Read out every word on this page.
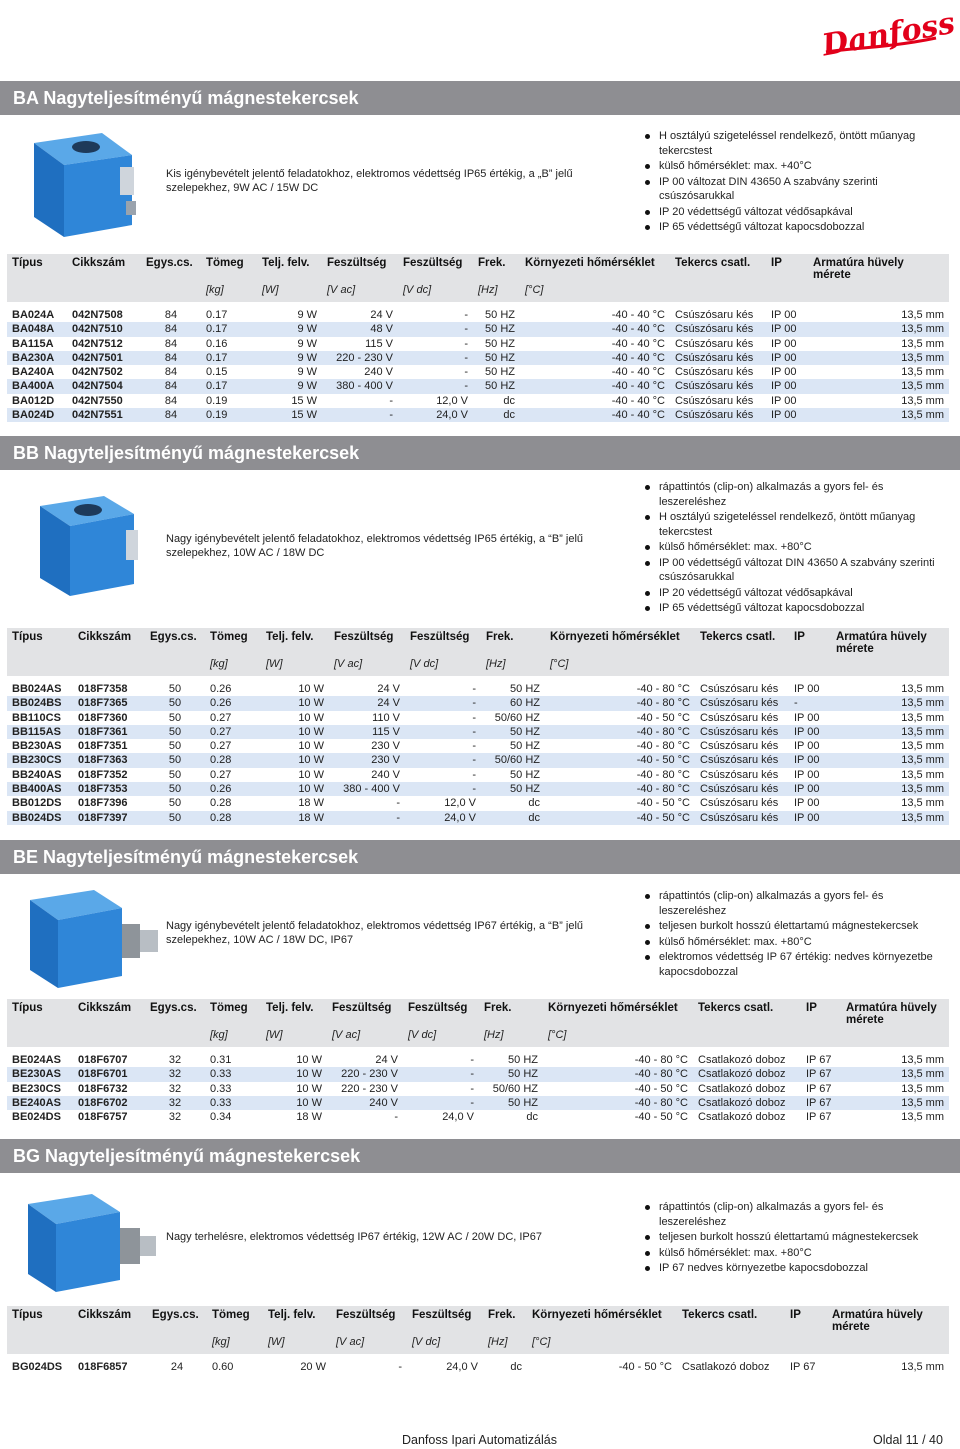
Danfoss
BA Nagyteljesítményű mágnestekercsek
Kis igénybevételt jelentő feladatokhoz, elektromos védettség IP65 értékig, a „B” jelű szelepekhez, 9W AC / 15W DC
H osztályú szigeteléssel rendelkező, öntött műanyag tekercstest
külső hőmérséklet: max. +40°C
IP 00 változat DIN 43650 A szabvány szerinti csúszósarukkal
IP 20 védettségű változat védősapkával
IP 65 védettségű változat kapocsdobozzal
Típus	Cikkszám	Egys.cs.	Tömeg	Telj. felv.	Feszültség	Feszültség	Frek.	Környezeti hőmérséklet	Tekercs csatl.	IP	Armatúra hüvely mérete
			[kg]	[W]	[V ac]	[V dc]	[Hz]	[°C]			

BA024A	042N7508	84	0.17	9 W	24 V	-	50 HZ	-40 - 40 °C	Csúszósaru kés	IP 00	13,5 mm
BA048A	042N7510	84	0.17	9 W	48 V	-	50 HZ	-40 - 40 °C	Csúszósaru kés	IP 00	13,5 mm
BA115A	042N7512	84	0.16	9 W	115 V	-	50 HZ	-40 - 40 °C	Csúszósaru kés	IP 00	13,5 mm
BA230A	042N7501	84	0.17	9 W	220 - 230 V	-	50 HZ	-40 - 40 °C	Csúszósaru kés	IP 00	13,5 mm
BA240A	042N7502	84	0.15	9 W	240 V	-	50 HZ	-40 - 40 °C	Csúszósaru kés	IP 00	13,5 mm
BA400A	042N7504	84	0.17	9 W	380 - 400 V	-	50 HZ	-40 - 40 °C	Csúszósaru kés	IP 00	13,5 mm
BA012D	042N7550	84	0.19	15 W	-	12,0 V	dc	-40 - 40 °C	Csúszósaru kés	IP 00	13,5 mm
BA024D	042N7551	84	0.19	15 W	-	24,0 V	dc	-40 - 40 °C	Csúszósaru kés	IP 00	13,5 mm
BB Nagyteljesítményű mágnestekercsek
Nagy igénybevételt jelentő feladatokhoz, elektromos védettség IP65 értékig, a “B” jelű szelepekhez, 10W AC / 18W DC
rápattintós (clip-on) alkalmazás a gyors fel- és leszereléshez
H osztályú szigeteléssel rendelkező, öntött műanyag tekercstest
külső hőmérséklet: max. +80°C
IP 00 védettségű változat DIN 43650 A szabvány szerinti csúszósarukkal
IP 20 védettségű változat védősapkával
IP 65 védettségű változat kapocsdobozzal
Típus	Cikkszám	Egys.cs.	Tömeg	Telj. felv.	Feszültség	Feszültség	Frek.	Környezeti hőmérséklet	Tekercs csatl.	IP	Armatúra hüvely mérete
			[kg]	[W]	[V ac]	[V dc]	[Hz]	[°C]			

BB024AS	018F7358	50	0.26	10 W	24 V	-	50 HZ	-40 - 80 °C	Csúszósaru kés	IP 00	13,5 mm
BB024BS	018F7365	50	0.26	10 W	24 V	-	60 HZ	-40 - 80 °C	Csúszósaru kés	-	13,5 mm
BB110CS	018F7360	50	0.27	10 W	110 V	-	50/60 HZ	-40 - 50 °C	Csúszósaru kés	IP 00	13,5 mm
BB115AS	018F7361	50	0.27	10 W	115 V	-	50 HZ	-40 - 80 °C	Csúszósaru kés	IP 00	13,5 mm
BB230AS	018F7351	50	0.27	10 W	230 V	-	50 HZ	-40 - 80 °C	Csúszósaru kés	IP 00	13,5 mm
BB230CS	018F7363	50	0.28	10 W	230 V	-	50/60 HZ	-40 - 50 °C	Csúszósaru kés	IP 00	13,5 mm
BB240AS	018F7352	50	0.27	10 W	240 V	-	50 HZ	-40 - 80 °C	Csúszósaru kés	IP 00	13,5 mm
BB400AS	018F7353	50	0.26	10 W	380 - 400 V	-	50 HZ	-40 - 80 °C	Csúszósaru kés	IP 00	13,5 mm
BB012DS	018F7396	50	0.28	18 W	-	12,0 V	dc	-40 - 50 °C	Csúszósaru kés	IP 00	13,5 mm
BB024DS	018F7397	50	0.28	18 W	-	24,0 V	dc	-40 - 50 °C	Csúszósaru kés	IP 00	13,5 mm
BE Nagyteljesítményű mágnestekercsek
Nagy igénybevételt jelentő feladatokhoz, elektromos védettség IP67 értékig, a “B” jelű szelepekhez, 10W AC / 18W DC, IP67
rápattintós (clip-on) alkalmazás a gyors fel- és leszereléshez
teljesen burkolt hosszú élettartamú mágnestekercsek
külső hőmérséklet: max. +80°C
elektromos védettség IP 67 értékig: nedves környezetbe kapocsdobozzal
Típus	Cikkszám	Egys.cs.	Tömeg	Telj. felv.	Feszültség	Feszültség	Frek.	Környezeti hőmérséklet	Tekercs csatl.	IP	Armatúra hüvely mérete
			[kg]	[W]	[V ac]	[V dc]	[Hz]	[°C]			

BE024AS	018F6707	32	0.31	10 W	24 V	-	50 HZ	-40 - 80 °C	Csatlakozó doboz	IP 67	13,5 mm
BE230AS	018F6701	32	0.33	10 W	220 - 230 V	-	50 HZ	-40 - 80 °C	Csatlakozó doboz	IP 67	13,5 mm
BE230CS	018F6732	32	0.33	10 W	220 - 230 V	-	50/60 HZ	-40 - 50 °C	Csatlakozó doboz	IP 67	13,5 mm
BE240AS	018F6702	32	0.33	10 W	240 V	-	50 HZ	-40 - 80 °C	Csatlakozó doboz	IP 67	13,5 mm
BE024DS	018F6757	32	0.34	18 W	-	24,0 V	dc	-40 - 50 °C	Csatlakozó doboz	IP 67	13,5 mm
BG Nagyteljesítményű mágnestekercsek
Nagy terhelésre, elektromos védettség IP67 értékig, 12W AC / 20W DC, IP67
rápattintós (clip-on) alkalmazás a gyors fel- és leszereléshez
teljesen burkolt hosszú élettartamú mágnestekercsek
külső hőmérséklet: max. +80°C
IP 67 nedves környezetbe kapocsdobozzal
Típus	Cikkszám	Egys.cs.	Tömeg	Telj. felv.	Feszültség	Feszültség	Frek.	Környezeti hőmérséklet	Tekercs csatl.	IP	Armatúra hüvely mérete
			[kg]	[W]	[V ac]	[V dc]	[Hz]	[°C]			

BG024DS	018F6857	24	0.60	20 W	-	24,0 V	dc	-40 - 50 °C	Csatlakozó doboz	IP 67	13,5 mm
Danfoss Ipari Automatizálás	Oldal 11 / 40
